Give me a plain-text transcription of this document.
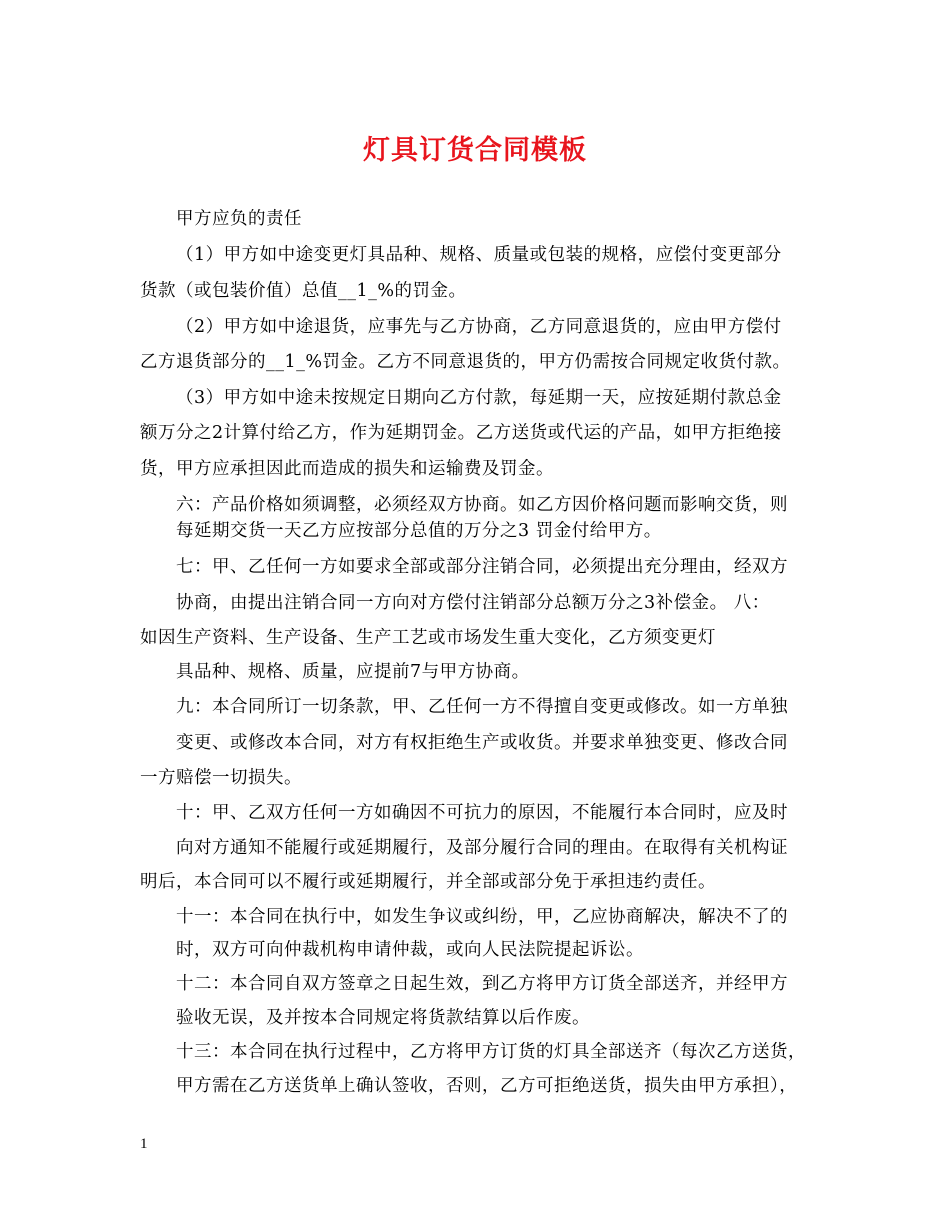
灯具订货合同模板
甲方应负的责任
（1）甲方如中途变更灯具品种、规格、质量或包装的规格，应偿付变更部分
货款（或包装价值）总值__1_%的罚金。
（2）甲方如中途退货，应事先与乙方协商，乙方同意退货的，应由甲方偿付
乙方退货部分的__1_%罚金。乙方不同意退货的，甲方仍需按合同规定收货付款。
（3）甲方如中途未按规定日期向乙方付款，每延期一天，应按延期付款总金
额万分之2计算付给乙方，作为延期罚金。乙方送货或代运的产品，如甲方拒绝接
货，甲方应承担因此而造成的损失和运输费及罚金。
六：产品价格如须调整，必须经双方协商。如乙方因价格问题而影响交货，则
每延期交货一天乙方应按部分总值的万分之3 罚金付给甲方。
七：甲、乙任何一方如要求全部或部分注销合同，必须提出充分理由，经双方
协商，由提出注销合同一方向对方偿付注销部分总额万分之3补偿金。 八：
如因生产资料、生产设备、生产工艺或市场发生重大变化，乙方须变更灯
具品种、规格、质量，应提前7与甲方协商。
九：本合同所订一切条款，甲、乙任何一方不得擅自变更或修改。如一方单独
变更、或修改本合同，对方有权拒绝生产或收货。并要求单独变更、修改合同
一方赔偿一切损失。
十：甲、乙双方任何一方如确因不可抗力的原因，不能履行本合同时，应及时
向对方通知不能履行或延期履行，及部分履行合同的理由。在取得有关机构证
明后，本合同可以不履行或延期履行，并全部或部分免于承担违约责任。
十一：本合同在执行中，如发生争议或纠纷，甲，乙应协商解决，解决不了的
时，双方可向仲裁机构申请仲裁，或向人民法院提起诉讼。
十二：本合同自双方签章之日起生效，到乙方将甲方订货全部送齐，并经甲方
验收无误，及并按本合同规定将货款结算以后作废。
十三：本合同在执行过程中，乙方将甲方订货的灯具全部送齐（每次乙方送货，
甲方需在乙方送货单上确认签收，否则，乙方可拒绝送货，损失由甲方承担），
1
